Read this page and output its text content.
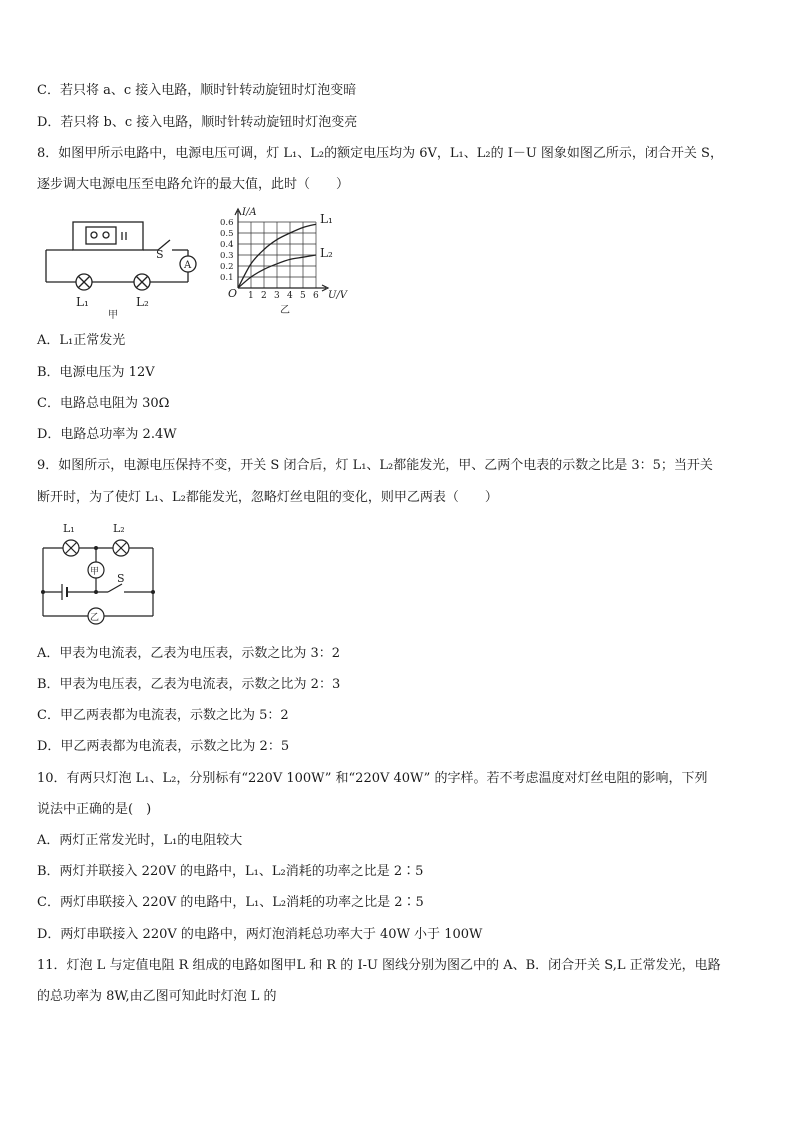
C．若只将 a、c 接入电路，顺时针转动旋钮时灯泡变暗
D．若只将 b、c 接入电路，顺时针转动旋钮时灯泡变亮
8．如图甲所示电路中，电源电压可调，灯 L₁、L₂的额定电压均为 6V，L₁、L₂的 I－U 图象如图乙所示，闭合开关 S，
逐步调大电源电压至电路允许的最大值，此时（　　）
S
A
L₁	L₂
甲
0.6
0.5
0.4
0.3
0.2
0.1
1 2 3 4 5 6
I/A
U/V
O
乙
L₁
L₂
A．L₁正常发光
B．电源电压为 12V
C．电路总电阻为 30Ω
D．电路总功率为 2.4W
9．如图所示，电源电压保持不变，开关 S 闭合后，灯 L₁、L₂都能发光，甲、乙两个电表的示数之比是 3：5；当开关
断开时，为了使灯 L₁、L₂都能发光，忽略灯丝电阻的变化，则甲乙两表（　　）
L₁	L₂
甲 S
乙
A．甲表为电流表，乙表为电压表，示数之比为 3：2
B．甲表为电压表，乙表为电流表，示数之比为 2：3
C．甲乙两表都为电流表，示数之比为 5：2
D．甲乙两表都为电流表，示数之比为 2：5
10．有两只灯泡 L₁、L₂，分别标有“220V 100W” 和“220V 40W” 的字样。若不考虑温度对灯丝电阻的影响，下列
说法中正确的是(　)
A．两灯正常发光时，L₁的电阻较大
B．两灯并联接入 220V 的电路中，L₁、L₂消耗的功率之比是 2∶5
C．两灯串联接入 220V 的电路中，L₁、L₂消耗的功率之比是 2∶5
D．两灯串联接入 220V 的电路中，两灯泡消耗总功率大于 40W 小于 100W
11．灯泡 L 与定值电阻 R 组成的电路如图甲L 和 R 的 I-U 图线分别为图乙中的 A、B．闭合开关 S,L 正常发光，电路
的总功率为 8W,由乙图可知此时灯泡 L 的
